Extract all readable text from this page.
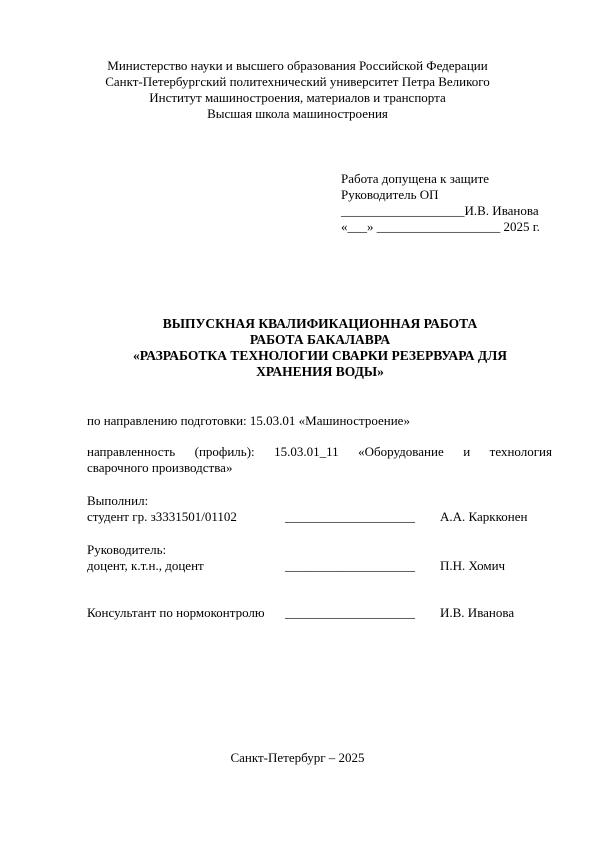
Министерство науки и высшего образования Российской Федерации
Санкт-Петербургский политехнический университет Петра Великого
Институт машиностроения, материалов и транспорта
Высшая школа машиностроения
Работа допущена к защите
Руководитель ОП
___________________И.В. Иванова
«___» ___________________ 2025 г.
ВЫПУСКНАЯ КВАЛИФИКАЦИОННАЯ РАБОТА
РАБОТА БАКАЛАВРА
«РАЗРАБОТКА ТЕХНОЛОГИИ СВАРКИ РЕЗЕРВУАРА ДЛЯ
ХРАНЕНИЯ ВОДЫ»
по направлению подготовки: 15.03.01 «Машиностроение»
направленность (профиль): 15.03.01_11 «Оборудование и технология
сварочного производства»
Выполнил:
студент гр. з3331501/01102	____________________ А.А. Каркконен
Руководитель:
доцент, к.т.н., доцент	____________________ П.Н. Хомич
Консультант по нормоконтролю ____________________ И.В. Иванова
Санкт-Петербург – 2025
